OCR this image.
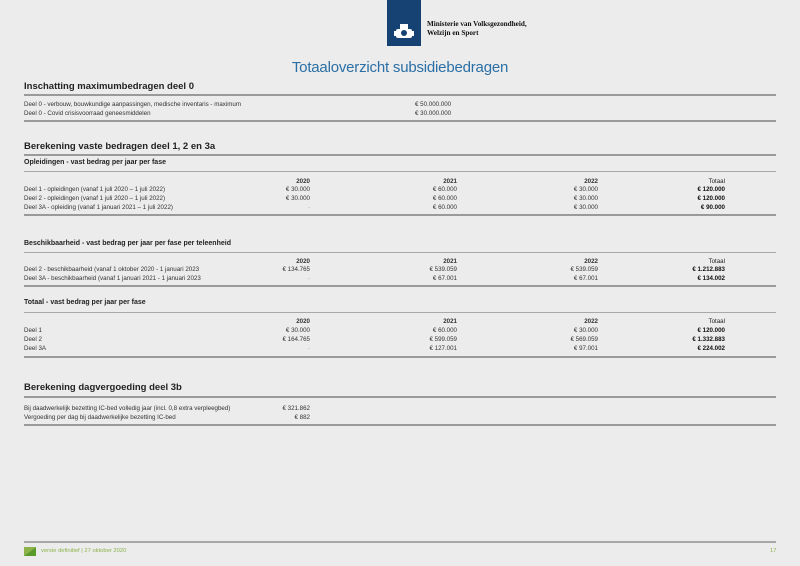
Ministerie van Volksgezondheid,
Welzijn en Sport
Totaaloverzicht subsidiebedragen
Inschatting maximumbedragen deel 0
Deel 0 - verbouw, bouwkundige aanpassingen, medische inventaris - maximum	€ 50.000.000
Deel 0 - Covid crisisvoorraad geneesmiddelen	€ 30.000.000
Berekening vaste bedragen deel 1, 2 en 3a
Opleidingen - vast bedrag per jaar per fase
2020	2021	2022	Totaal
Deel 1 - opleidingen (vanaf 1 juli 2020 – 1 juli 2022)	€ 30.000	€ 60.000	€ 30.000	€ 120.000
Deel 2 - opleidingen (vanaf 1 juli 2020 – 1 juli 2022)	€ 30.000	€ 60.000	€ 30.000	€ 120.000
Deel 3A - opleiding (vanaf 1 januari 2021 – 1 juli 2022)	-	€ 60.000	€ 30.000	€ 90.000
Beschikbaarheid - vast bedrag per jaar per fase per teleenheid
2020	2021	2022	Totaal
Deel 2 - beschikbaarheid (vanaf 1 oktober 2020 - 1 januari 2023	€ 134.765	€ 539.059	€ 539.059	€ 1.212.883
Deel 3A - beschikbaarheid (vanaf 1 januari 2021 - 1 januari 2023	-	€ 67.001	€ 67.001	€ 134.002
Totaal - vast bedrag per jaar per fase
2020	2021	2022	Totaal
Deel 1	€ 30.000	€ 60.000	€ 30.000	€ 120.000
Deel 2	€ 164.765	€ 599.059	€ 569.059	€ 1.332.883
Deel 3A	-	€ 127.001	€ 97.001	€ 224.002
Berekening dagvergoeding deel 3b
Bij daadwerkelijk bezetting IC-bed volledig jaar (incl. 0,8 extra verpleegbed)	€ 321.862
Vergoeding per dag bij daadwerkelijke bezetting IC-bed	€ 882
versie definitief | 27 oktober 2020	17
